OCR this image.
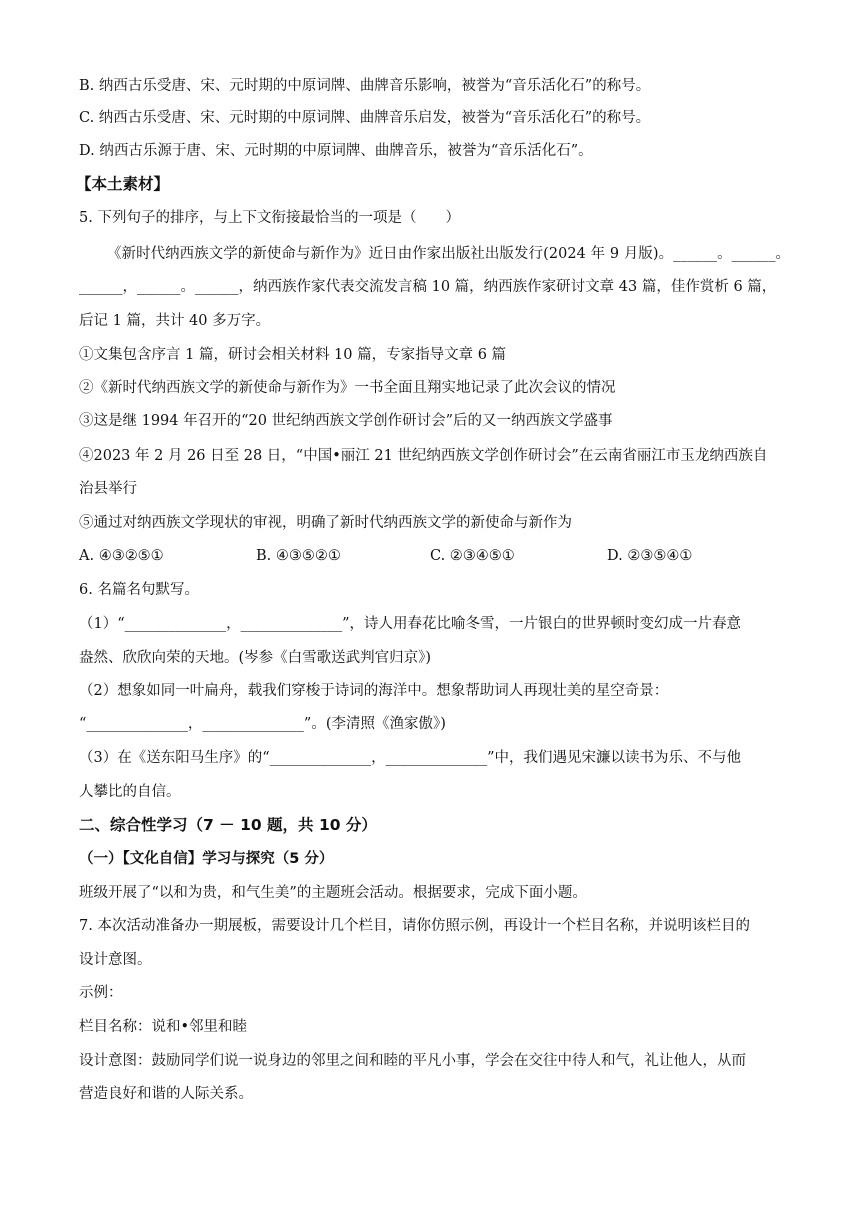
B. 纳西古乐受唐、宋、元时期的中原词牌、曲牌音乐影响，被誉为“音乐活化石”的称号。
C. 纳西古乐受唐、宋、元时期的中原词牌、曲牌音乐启发，被誉为“音乐活化石”的称号。
D. 纳西古乐源于唐、宋、元时期的中原词牌、曲牌音乐，被誉为“音乐活化石”。
【本土素材】
5. 下列句子的排序，与上下文衔接最恰当的一项是（　　）
《新时代纳西族文学的新使命与新作为》近日由作家出版社出版发行(2024 年 9 月版)。______。______。
______，______。______，纳西族作家代表交流发言稿 10 篇，纳西族作家研讨文章 43 篇，佳作赏析 6 篇，
后记 1 篇，共计 40 多万字。
①文集包含序言 1 篇，研讨会相关材料 10 篇，专家指导文章 6 篇
②《新时代纳西族文学的新使命与新作为》一书全面且翔实地记录了此次会议的情况
③这是继 1994 年召开的“20 世纪纳西族文学创作研讨会”后的又一纳西族文学盛事
④2023 年 2 月 26 日至 28 日，“中国•丽江 21 世纪纳西族文学创作研讨会”在云南省丽江市玉龙纳西族自
治县举行
⑤通过对纳西族文学现状的审视，明确了新时代纳西族文学的新使命与新作为
A. ④③②⑤①	B. ④③⑤②①	C. ②③④⑤①	D. ②③⑤④①
6. 名篇名句默写。
（1）“______________，______________”，诗人用春花比喻冬雪，一片银白的世界顿时变幻成一片春意
盎然、欣欣向荣的天地。(岑参《白雪歌送武判官归京》)
（2）想象如同一叶扁舟，载我们穿梭于诗词的海洋中。想象帮助词人再现壮美的星空奇景：
“______________，______________”。(李清照《渔家傲》)
（3）在《送东阳马生序》的“______________，______________”中，我们遇见宋濂以读书为乐、不与他
人攀比的自信。
二、综合性学习（7 － 10 题，共 10 分）
（一）【文化自信】学习与探究（5 分）
班级开展了“以和为贵，和气生美”的主题班会活动。根据要求，完成下面小题。
7. 本次活动准备办一期展板，需要设计几个栏目，请你仿照示例，再设计一个栏目名称，并说明该栏目的
设计意图。
示例：
栏目名称：说和•邻里和睦
设计意图：鼓励同学们说一说身边的邻里之间和睦的平凡小事，学会在交往中待人和气，礼让他人，从而
营造良好和谐的人际关系。
